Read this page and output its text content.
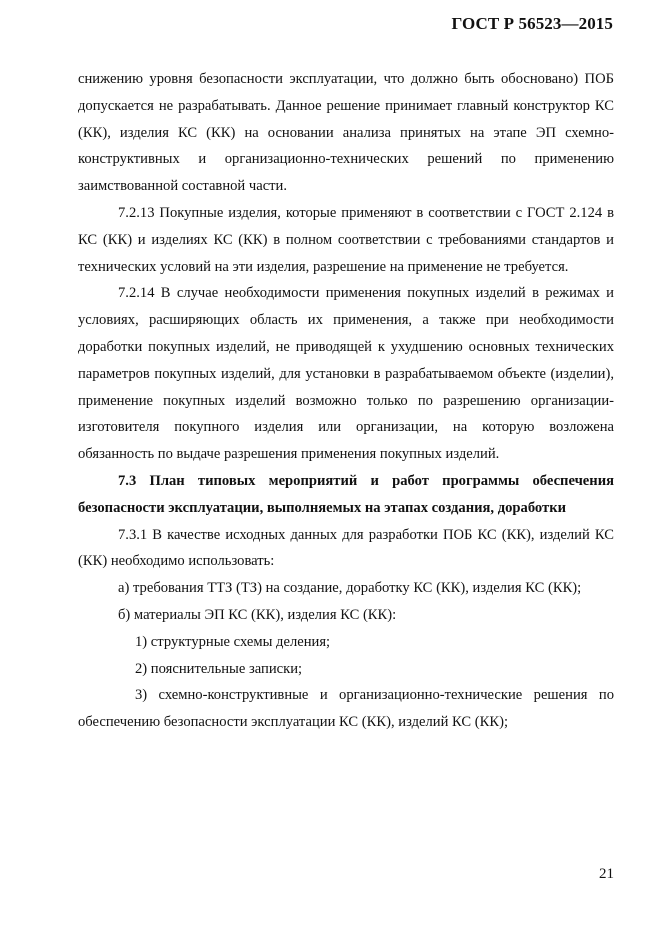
ГОСТ Р 56523—2015

снижению уровня безопасности эксплуатации, что должно быть обосновано) ПОБ допускается не разрабатывать. Данное решение принимает главный конструктор КС (КК), изделия КС (КК) на основании анализа принятых на этапе ЭП схемно-конструктивных и организационно-технических решений по применению заимствованной составной части.

7.2.13 Покупные изделия, которые применяют в соответствии с ГОСТ 2.124 в КС (КК) и изделиях КС (КК) в полном соответствии с требованиями стандартов и технических условий на эти изделия, разрешение на применение не требуется.

7.2.14 В случае необходимости применения покупных изделий в режимах и условиях, расширяющих область их применения, а также при необходимости доработки покупных изделий, не приводящей к ухудшению основных технических параметров покупных изделий, для установки в разрабатываемом объекте (изделии), применение покупных изделий возможно только по разрешению организации-изготовителя покупного изделия или организации, на которую возложена обязанность по выдаче разрешения применения покупных изделий.

7.3 План типовых мероприятий и работ программы обеспечения безопасности эксплуатации, выполняемых на этапах создания, доработки

7.3.1 В качестве исходных данных для разработки ПОБ КС (КК), изделий КС (КК) необходимо использовать:

а) требования ТТЗ (ТЗ) на создание, доработку КС (КК), изделия КС (КК);

б) материалы ЭП КС (КК), изделия КС (КК):

1) структурные схемы деления;

2) пояснительные записки;

3) схемно-конструктивные и организационно-технические решения по обеспечению безопасности эксплуатации КС (КК), изделий КС (КК);

21
